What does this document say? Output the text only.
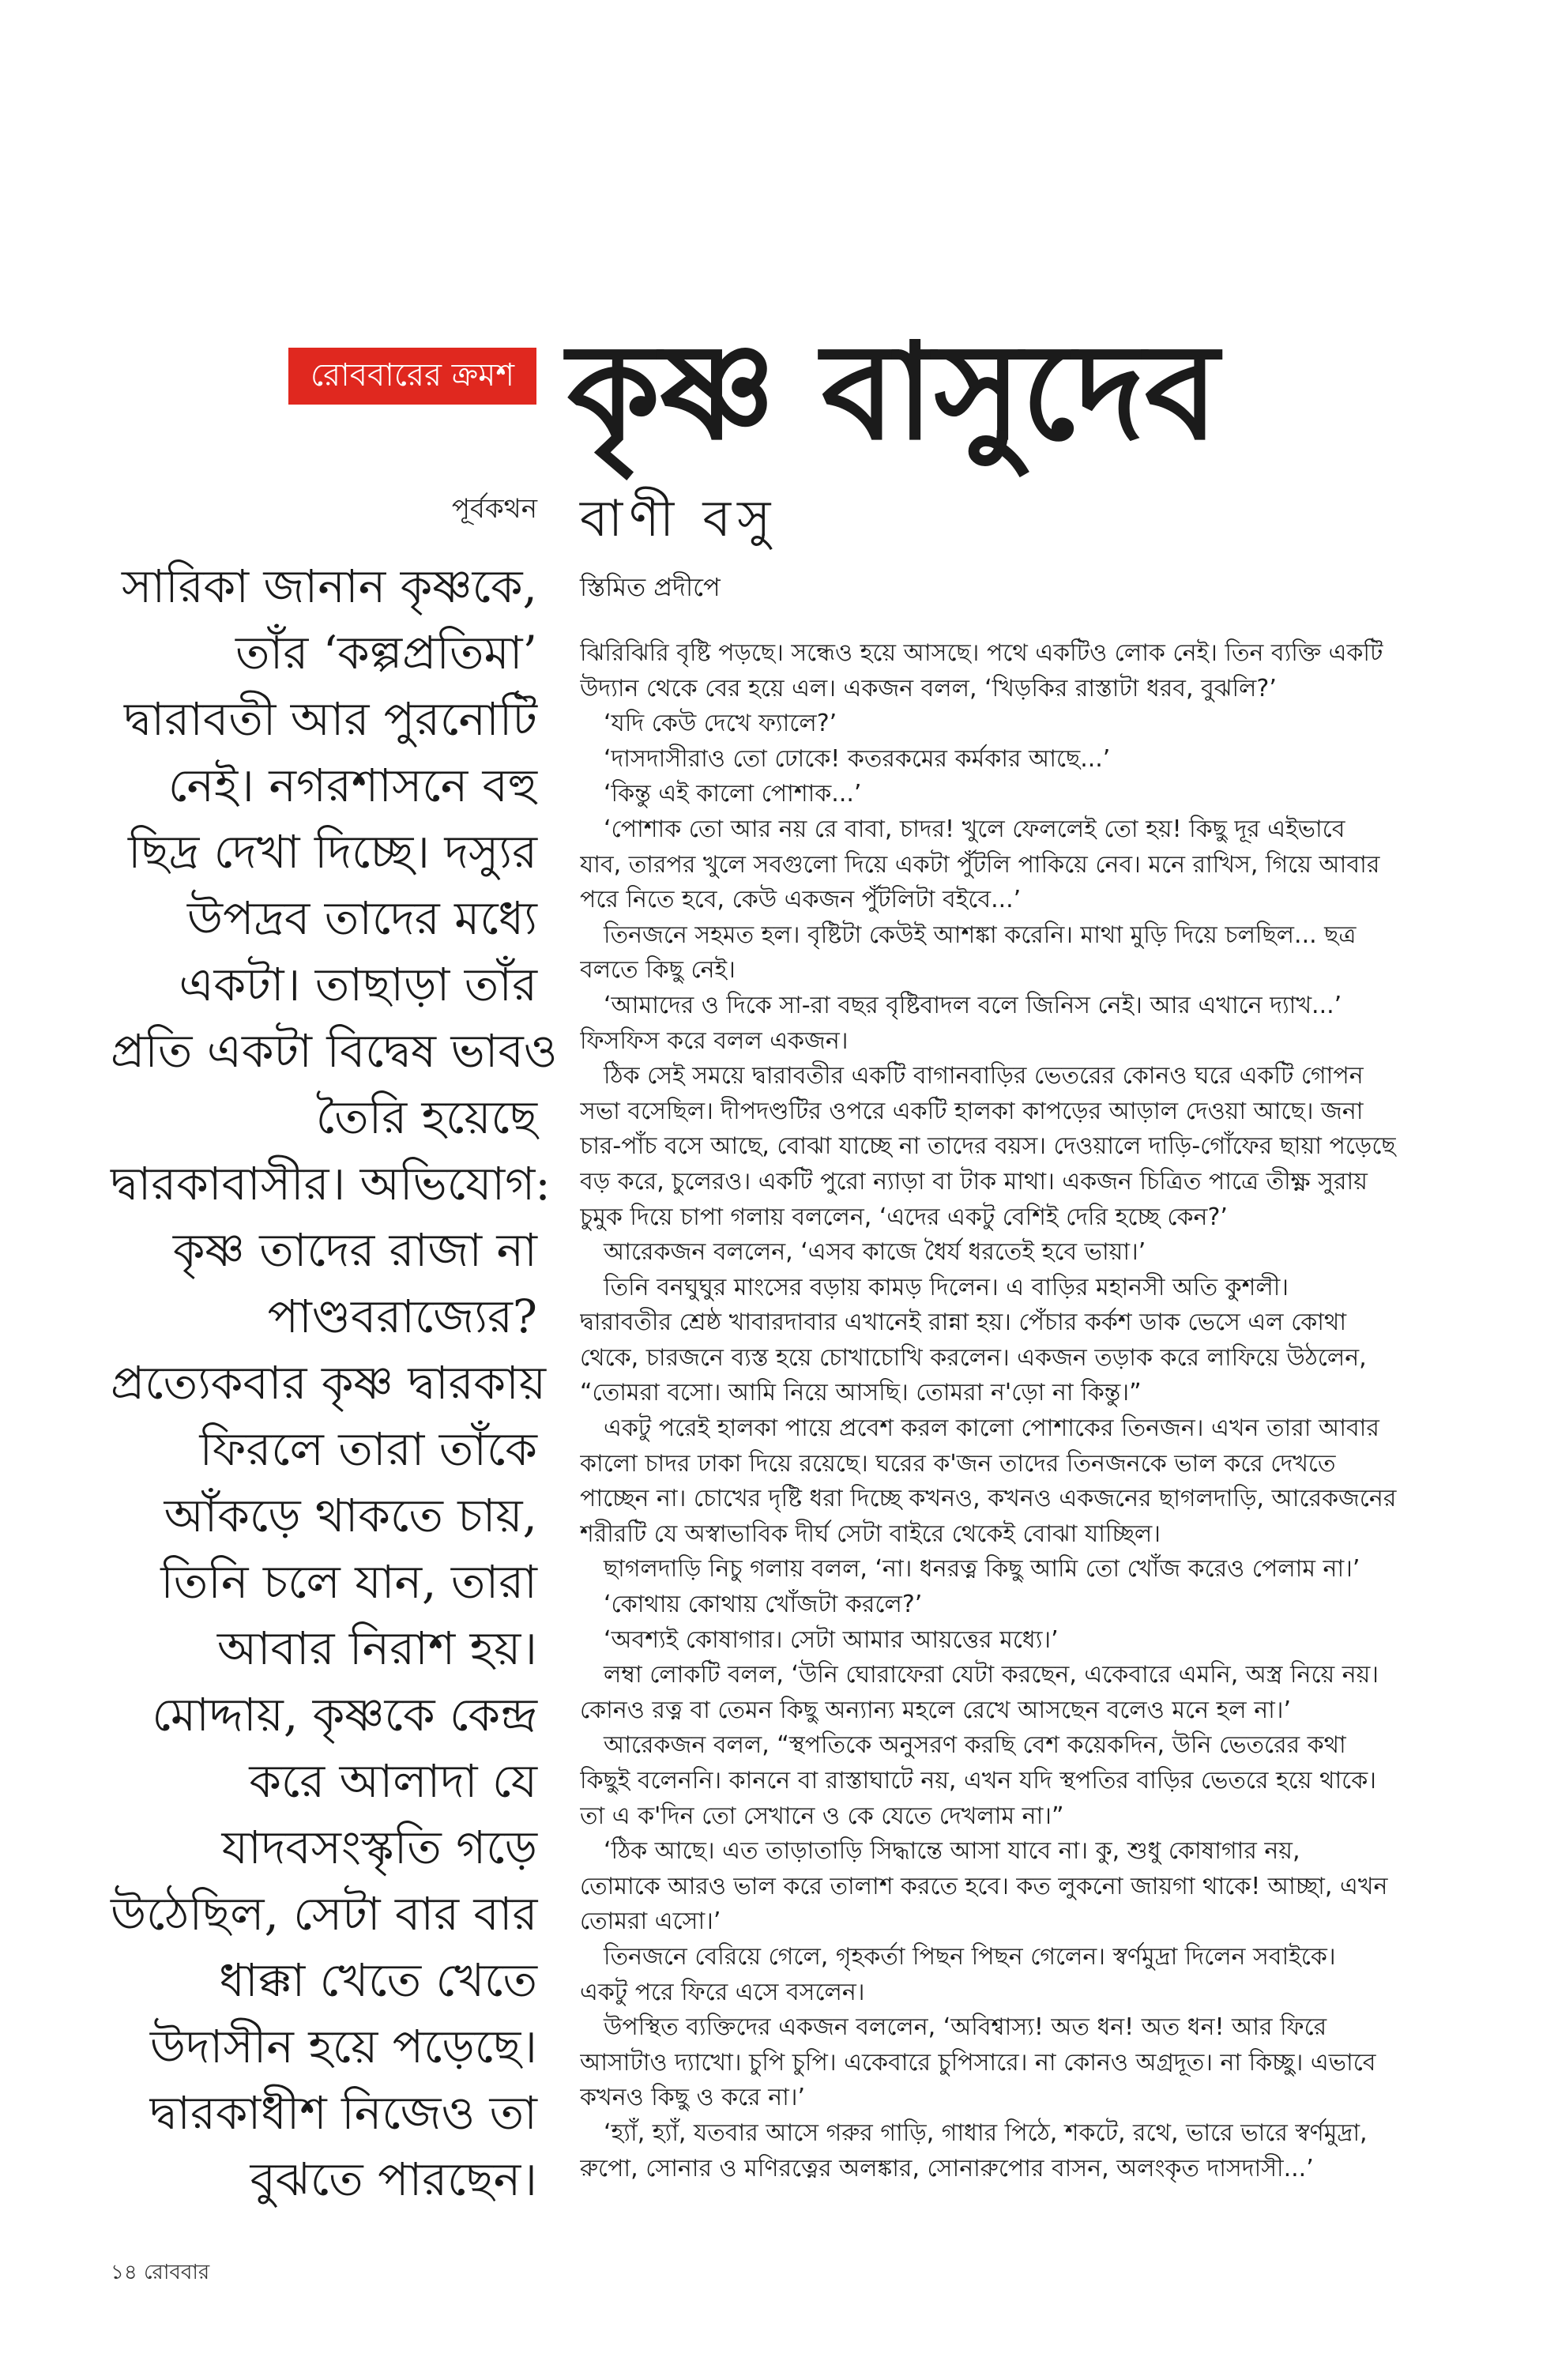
রোববারের ক্রমশ কৃষ্ণ বাসুদেব
পূর্বকথন বাণী বসু
সারিকা জানান কৃষ্ণকে,
তাঁর ‘কল্পপ্রতিমা’
দ্বারাবতী আর পুরনোটি
নেই। নগরশাসনে বহু
ছিদ্র দেখা দিচ্ছে। দস্যুর
উপদ্রব তাদের মধ্যে
একটা। তাছাড়া তাঁর
প্রতি একটা বিদ্বেষ ভাবও
তৈরি হয়েছে
দ্বারকাবাসীর। অভিযোগ:
কৃষ্ণ তাদের রাজা না
পাণ্ডবরাজ্যের?
প্রত্যেকবার কৃষ্ণ দ্বারকায়
ফিরলে তারা তাঁকে
আঁকড়ে থাকতে চায়,
তিনি চলে যান, তারা
আবার নিরাশ হয়।
মোদ্দায়, কৃষ্ণকে কেন্দ্র
করে আলাদা যে
যাদবসংস্কৃতি গড়ে
উঠেছিল, সেটা বার বার
ধাক্কা খেতে খেতে
উদাসীন হয়ে পড়েছে।
দ্বারকাধীশ নিজেও তা
বুঝতে পারছেন।
স্তিমিত প্রদীপে
ঝিরিঝিরি বৃষ্টি পড়ছে। সন্ধেও হয়ে আসছে। পথে একটিও লোক নেই। তিন ব্যক্তি একটি
উদ্যান থেকে বের হয়ে এল। একজন বলল, ‘খিড়কির রাস্তাটা ধরব, বুঝলি?’
‘যদি কেউ দেখে ফ্যালে?’
‘দাসদাসীরাও তো ঢোকে! কতরকমের কর্মকার আছে...’
‘কিন্তু এই কালো পোশাক...’
‘পোশাক তো আর নয় রে বাবা, চাদর! খুলে ফেললেই তো হয়! কিছু দূর এইভাবে
যাব, তারপর খুলে সবগুলো দিয়ে একটা পুঁটলি পাকিয়ে নেব। মনে রাখিস, গিয়ে আবার
পরে নিতে হবে, কেউ একজন পুঁটলিটা বইবে...’
তিনজনে সহমত হল। বৃষ্টিটা কেউই আশঙ্কা করেনি। মাথা মুড়ি দিয়ে চলছিল... ছত্র
বলতে কিছু নেই।
‘আমাদের ও দিকে সা-রা বছর বৃষ্টিবাদল বলে জিনিস নেই। আর এখানে দ্যাখ...’
ফিসফিস করে বলল একজন।
ঠিক সেই সময়ে দ্বারাবতীর একটি বাগানবাড়ির ভেতরের কোনও ঘরে একটি গোপন
সভা বসেছিল। দীপদণ্ডটির ওপরে একটি হালকা কাপড়ের আড়াল দেওয়া আছে। জনা
চার-পাঁচ বসে আছে, বোঝা যাচ্ছে না তাদের বয়স। দেওয়ালে দাড়ি-গোঁফের ছায়া পড়েছে
বড় করে, চুলেরও। একটি পুরো ন্যাড়া বা টাক মাথা। একজন চিত্রিত পাত্রে তীক্ষ্ণ সুরায়
চুমুক দিয়ে চাপা গলায় বললেন, ‘এদের একটু বেশিই দেরি হচ্ছে কেন?’
আরেকজন বললেন, ‘এসব কাজে ধৈর্য ধরতেই হবে ভায়া।’
তিনি বনঘুঘুর মাংসের বড়ায় কামড় দিলেন। এ বাড়ির মহানসী অতি কুশলী।
দ্বারাবতীর শ্রেষ্ঠ খাবারদাবার এখানেই রান্না হয়। পেঁচার কর্কশ ডাক ভেসে এল কোথা
থেকে, চারজনে ব্যস্ত হয়ে চোখাচোখি করলেন। একজন তড়াক করে লাফিয়ে উঠলেন,
“তোমরা বসো। আমি নিয়ে আসছি। তোমরা ন'ড়ো না কিন্তু।”
একটু পরেই হালকা পায়ে প্রবেশ করল কালো পোশাকের তিনজন। এখন তারা আবার
কালো চাদর ঢাকা দিয়ে রয়েছে। ঘরের ক'জন তাদের তিনজনকে ভাল করে দেখতে
পাচ্ছেন না। চোখের দৃষ্টি ধরা দিচ্ছে কখনও, কখনও একজনের ছাগলদাড়ি, আরেকজনের
শরীরটি যে অস্বাভাবিক দীর্ঘ সেটা বাইরে থেকেই বোঝা যাচ্ছিল।
ছাগলদাড়ি নিচু গলায় বলল, ‘না। ধনরত্ন কিছু আমি তো খোঁজ করেও পেলাম না।’
‘কোথায় কোথায় খোঁজটা করলে?’
‘অবশ্যই কোষাগার। সেটা আমার আয়ত্তের মধ্যে।’
লম্বা লোকটি বলল, ‘উনি ঘোরাফেরা যেটা করছেন, একেবারে এমনি, অস্ত্র নিয়ে নয়।
কোনও রত্ন বা তেমন কিছু অন্যান্য মহলে রেখে আসছেন বলেও মনে হল না।’
আরেকজন বলল, “স্থপতিকে অনুসরণ করছি বেশ কয়েকদিন, উনি ভেতরের কথা
কিছুই বলেননি। কাননে বা রাস্তাঘাটে নয়, এখন যদি স্থপতির বাড়ির ভেতরে হয়ে থাকে।
তা এ ক'দিন তো সেখানে ও কে যেতে দেখলাম না।”
‘ঠিক আছে। এত তাড়াতাড়ি সিদ্ধান্তে আসা যাবে না। কু, শুধু কোষাগার নয়,
তোমাকে আরও ভাল করে তালাশ করতে হবে। কত লুকনো জায়গা থাকে! আচ্ছা, এখন
তোমরা এসো।’
তিনজনে বেরিয়ে গেলে, গৃহকর্তা পিছন পিছন গেলেন। স্বর্ণমুদ্রা দিলেন সবাইকে।
একটু পরে ফিরে এসে বসলেন।
উপস্থিত ব্যক্তিদের একজন বললেন, ‘অবিশ্বাস্য! অত ধন! অত ধন! আর ফিরে
আসাটাও দ্যাখো। চুপি চুপি। একেবারে চুপিসারে। না কোনও অগ্রদূত। না কিচ্ছু। এভাবে
কখনও কিছু ও করে না।’
‘হ্যাঁ, হ্যাঁ, যতবার আসে গরুর গাড়ি, গাধার পিঠে, শকটে, রথে, ভারে ভারে স্বর্ণমুদ্রা,
রুপো, সোনার ও মণিরত্নের অলঙ্কার, সোনারুপোর বাসন, অলংকৃত দাসদাসী...’
১৪ রোববার
